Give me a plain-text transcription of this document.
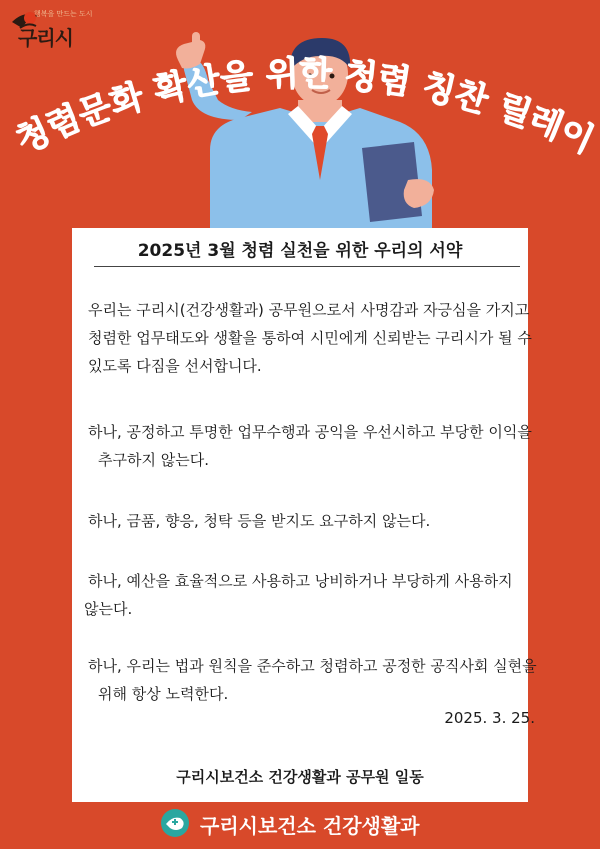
행복을 만드는 도시
구리시
청렴문화 확산을 위한 청렴 칭찬 릴레이
2025년 3월 청렴 실천을 위한 우리의 서약
우리는 구리시(건강생활과) 공무원으로서 사명감과 자긍심을 가지고
청렴한 업무태도와 생활을 통하여 시민에게 신뢰받는 구리시가 될 수
있도록 다짐을 선서합니다.
하나, 공정하고 투명한 업무수행과 공익을 우선시하고 부당한 이익을
추구하지 않는다.
하나, 금품, 향응, 청탁 등을 받지도 요구하지 않는다.
하나, 예산을 효율적으로 사용하고 낭비하거나 부당하게 사용하지
않는다.
하나, 우리는 법과 원칙을 준수하고 청렴하고 공정한 공직사회 실현을
위해 항상 노력한다.
2025. 3. 25.
구리시보건소 건강생활과 공무원 일동
구리시보건소 건강생활과
